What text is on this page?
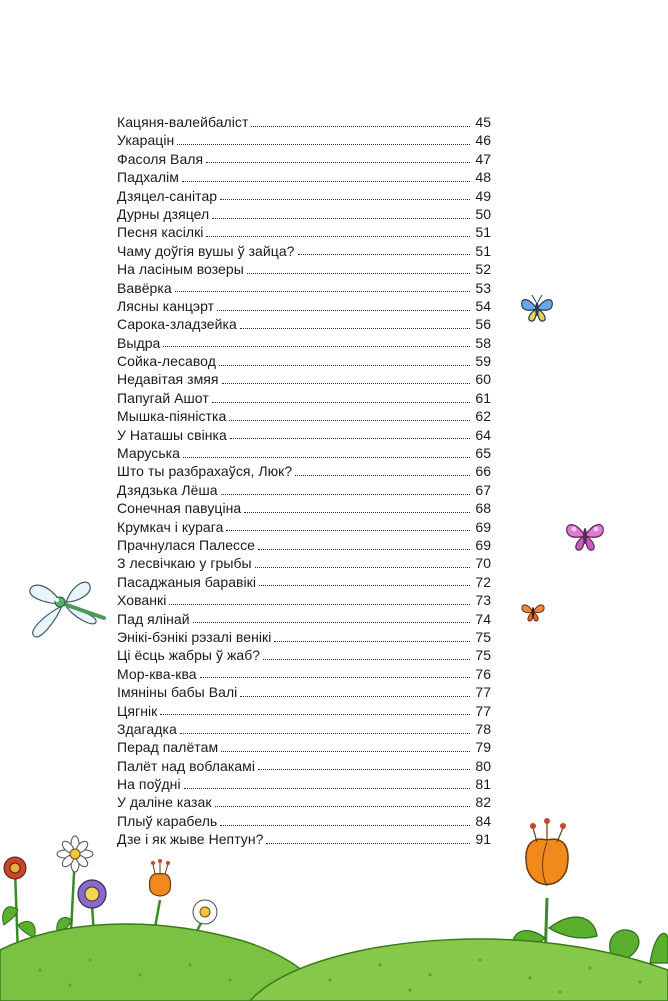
Кацяня-валейбаліст	45
Укарацін	46
Фасоля Валя	47
Падхалім	48
Дзяцел-санітар	49
Дурны дзяцел	50
Песня касілкі	51
Чаму доўгія вушы ў зайца?	51
На ласіным возеры	52
Вавёрка	53
Лясны канцэрт	54
Сарока-зладзейка	56
Выдра	58
Сойка-лесавод	59
Недавітая змяя	60
Папугай Ашот	61
Мышка-піяністка	62
У Наташы свінка	64
Маруська	65
Што ты разбрахаўся, Люк?	66
Дзядзька Лёша	67
Сонечная павуціна	68
Крумкач і курага	69
Прачнулася Палессе	69
З лесвічкаю у грыбы	70
Пасаджаныя баравікі	72
Хованкі	73
Пад ялінай	74
Энікі-бэнікі рэзалі венікі	75
Ці ёсць жабры ў жаб?	75
Мор-ква-ква	76
Імяніны бабы Валі	77
Цягнік	77
Здагадка	78
Перад палётам	79
Палёт над воблакамі	80
На поўдні	81
У даліне казак	82
Плыў карабель	84
Дзе і як жыве Нептун?	91
